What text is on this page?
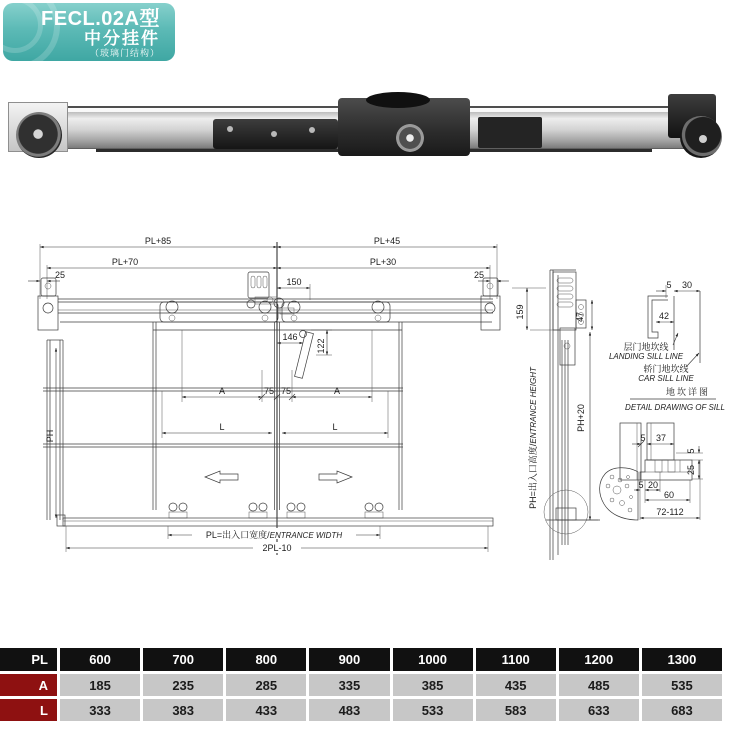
FECL.02A型
中分挂件
（玻璃门结构）
PL+85	PL+45
PL+70	PL+30
25	25
150
146
122
A	75 75	A
L	L
PH
PL=出入口宽度/ENTRANCE WIDTH
2PL-10
159	47
PH+20
PH=出入口高度/ENTRANCE HEIGHT
5 30
42
层门地坎线
LANDING SILL LINE
轿门地坎线
CAR SILL LINE
地坎详图
DETAIL DRAWING OF SILL
5 37
5
25
5 20
60
72-112
PL	600	700	800	900	1000	1100	1200	1300
A	185	235	285	335	385	435	485	535
L	333	383	433	483	533	583	633	683
